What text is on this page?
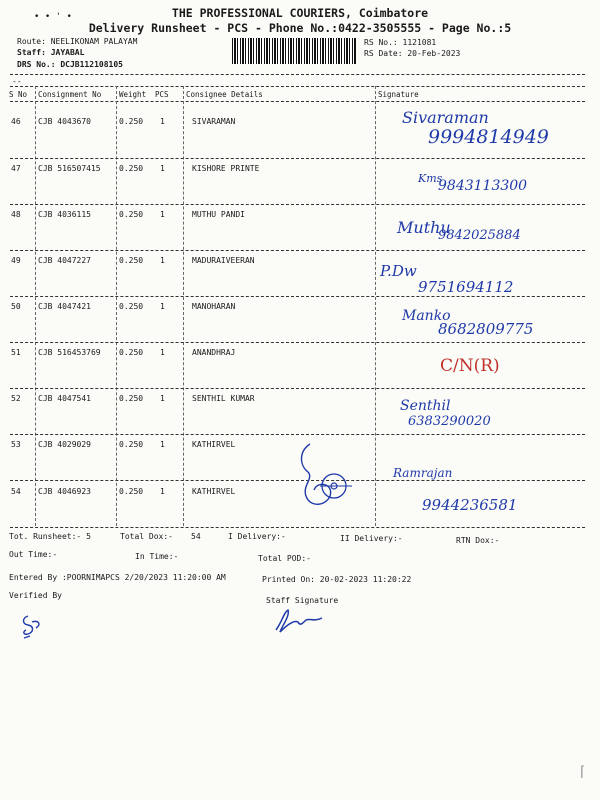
• • ' •	THE PROFESSIONAL COURIERS, Coimbatore
Delivery Runsheet - PCS - Phone No.:0422-3505555 - Page No.:5
Route: NEELIKONAM PALAYAM
Staff: JAYABAL
DRS No.: DCJB112108105
RS No.: 1121081
RS Date: 20-Feb-2023
--
S No Consignment No Weight PCS Consignee Details	Signature
46 CJB 4043670	0.250 1	SIVARAMAN	Sivaraman
9994814949
47 CJB 516507415 0.250 1	KISHORE PRINTE
Kms
9843113300
48 CJB 4036115	0.250 1	MUTHU PANDI
Muthu
9842025884
49 CJB 4047227	0.250 1	MADURAIVEERAN
P.Dw
9751694112
50 CJB 4047421	0.250 1	MANOHARAN
Manko
8682809775
51 CJB 516453769 0.250 1	ANANDHRAJ
C/N(R)
52 CJB 4047541	0.250 1	SENTHIL KUMAR	Senthil
6383290020
53 CJB 4029029	0.250 1	KATHIRVEL
54 CJB 4046923	0.250 1	KATHIRVEL
Ramrajan
9944236581
Tot. Runsheet:- 5	Total Dox:- 54	I Delivery:-	II Delivery:-	RTN Dox:-
Out Time:-	In Time:-	Total POD:-
Entered By :POORNIMAPCS 2/20/2023 11:20:00 AM	Printed On: 20-02-2023 11:20:22
Verified By
Staff Signature
⌈
